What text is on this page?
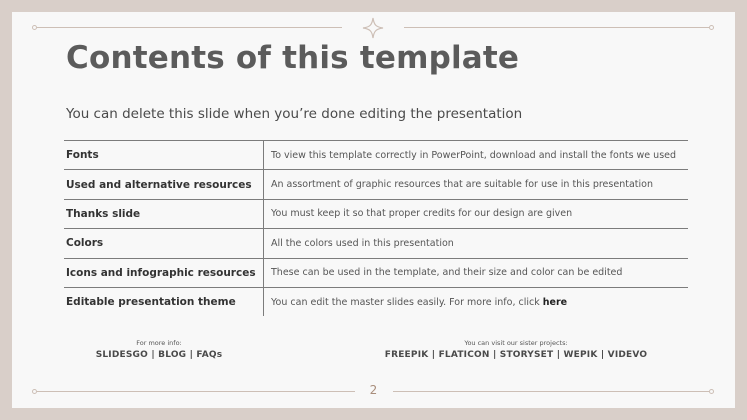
Contents of this template
You can delete this slide when you’re done editing the presentation
Fonts	To view this template correctly in PowerPoint, download and install the fonts we used
Used and alternative resources	An assortment of graphic resources that are suitable for use in this presentation
Thanks slide	You must keep it so that proper credits for our design are given
Colors	All the colors used in this presentation
Icons and infographic resources	These can be used in the template, and their size and color can be edited
Editable presentation theme	You can edit the master slides easily. For more info, click here
For more info:
SLIDESGO | BLOG | FAQs
You can visit our sister projects:
FREEPIK | FLATICON | STORYSET | WEPIK | VIDEVO
2
